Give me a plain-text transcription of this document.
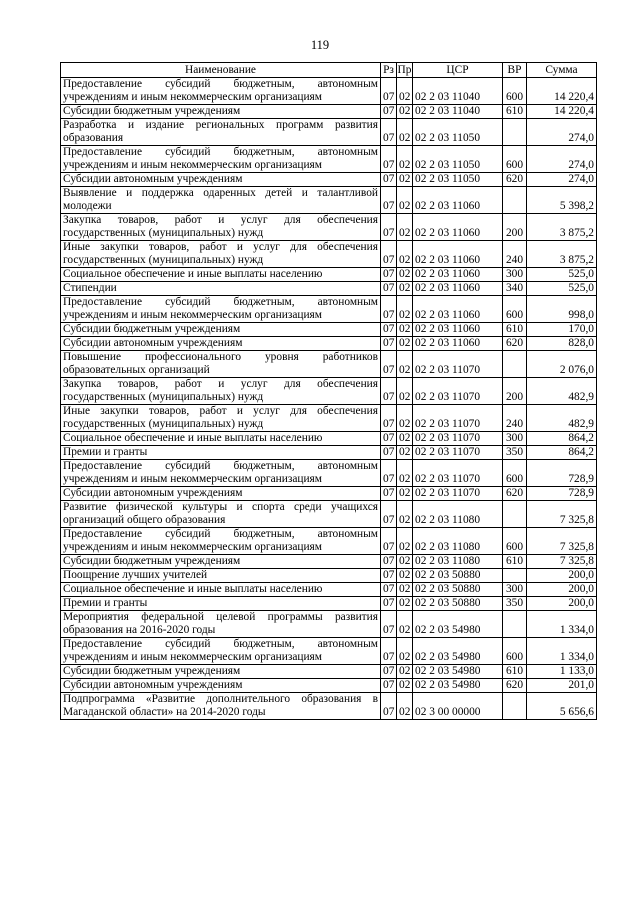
119
Наименование	Рз	Пр	ЦСР	ВР	Сумма
Предоставление субсидий бюджетным, автономным учреждениям и иным некоммерческим организациям	07	02	02 2 03 11040	600	14 220,4
Субсидии бюджетным учреждениям	07	02	02 2 03 11040	610	14 220,4
Разработка и издание региональных программ развития образования	07	02	02 2 03 11050		274,0
Предоставление субсидий бюджетным, автономным учреждениям и иным некоммерческим организациям	07	02	02 2 03 11050	600	274,0
Субсидии автономным учреждениям	07	02	02 2 03 11050	620	274,0
Выявление и поддержка одаренных детей и талантливой молодежи	07	02	02 2 03 11060		5 398,2
Закупка товаров, работ и услуг для обеспечения государственных (муниципальных) нужд	07	02	02 2 03 11060	200	3 875,2
Иные закупки товаров, работ и услуг для обеспечения государственных (муниципальных) нужд	07	02	02 2 03 11060	240	3 875,2
Социальное обеспечение и иные выплаты населению	07	02	02 2 03 11060	300	525,0
Стипендии	07	02	02 2 03 11060	340	525,0
Предоставление субсидий бюджетным, автономным учреждениям и иным некоммерческим организациям	07	02	02 2 03 11060	600	998,0
Субсидии бюджетным учреждениям	07	02	02 2 03 11060	610	170,0
Субсидии автономным учреждениям	07	02	02 2 03 11060	620	828,0
Повышение профессионального уровня работников образовательных организаций	07	02	02 2 03 11070		2 076,0
Закупка товаров, работ и услуг для обеспечения государственных (муниципальных) нужд	07	02	02 2 03 11070	200	482,9
Иные закупки товаров, работ и услуг для обеспечения государственных (муниципальных) нужд	07	02	02 2 03 11070	240	482,9
Социальное обеспечение и иные выплаты населению	07	02	02 2 03 11070	300	864,2
Премии и гранты	07	02	02 2 03 11070	350	864,2
Предоставление субсидий бюджетным, автономным учреждениям и иным некоммерческим организациям	07	02	02 2 03 11070	600	728,9
Субсидии автономным учреждениям	07	02	02 2 03 11070	620	728,9
Развитие физической культуры и спорта среди учащихся организаций общего образования	07	02	02 2 03 11080		7 325,8
Предоставление субсидий бюджетным, автономным учреждениям и иным некоммерческим организациям	07	02	02 2 03 11080	600	7 325,8
Субсидии бюджетным учреждениям	07	02	02 2 03 11080	610	7 325,8
Поощрение лучших учителей	07	02	02 2 03 50880		200,0
Социальное обеспечение и иные выплаты населению	07	02	02 2 03 50880	300	200,0
Премии и гранты	07	02	02 2 03 50880	350	200,0
Мероприятия федеральной целевой программы развития образования на 2016-2020 годы	07	02	02 2 03 54980		1 334,0
Предоставление субсидий бюджетным, автономным учреждениям и иным некоммерческим организациям	07	02	02 2 03 54980	600	1 334,0
Субсидии бюджетным учреждениям	07	02	02 2 03 54980	610	1 133,0
Субсидии автономным учреждениям	07	02	02 2 03 54980	620	201,0
Подпрограмма «Развитие дополнительного образования в Магаданской области» на 2014-2020 годы	07	02	02 3 00 00000		5 656,6
